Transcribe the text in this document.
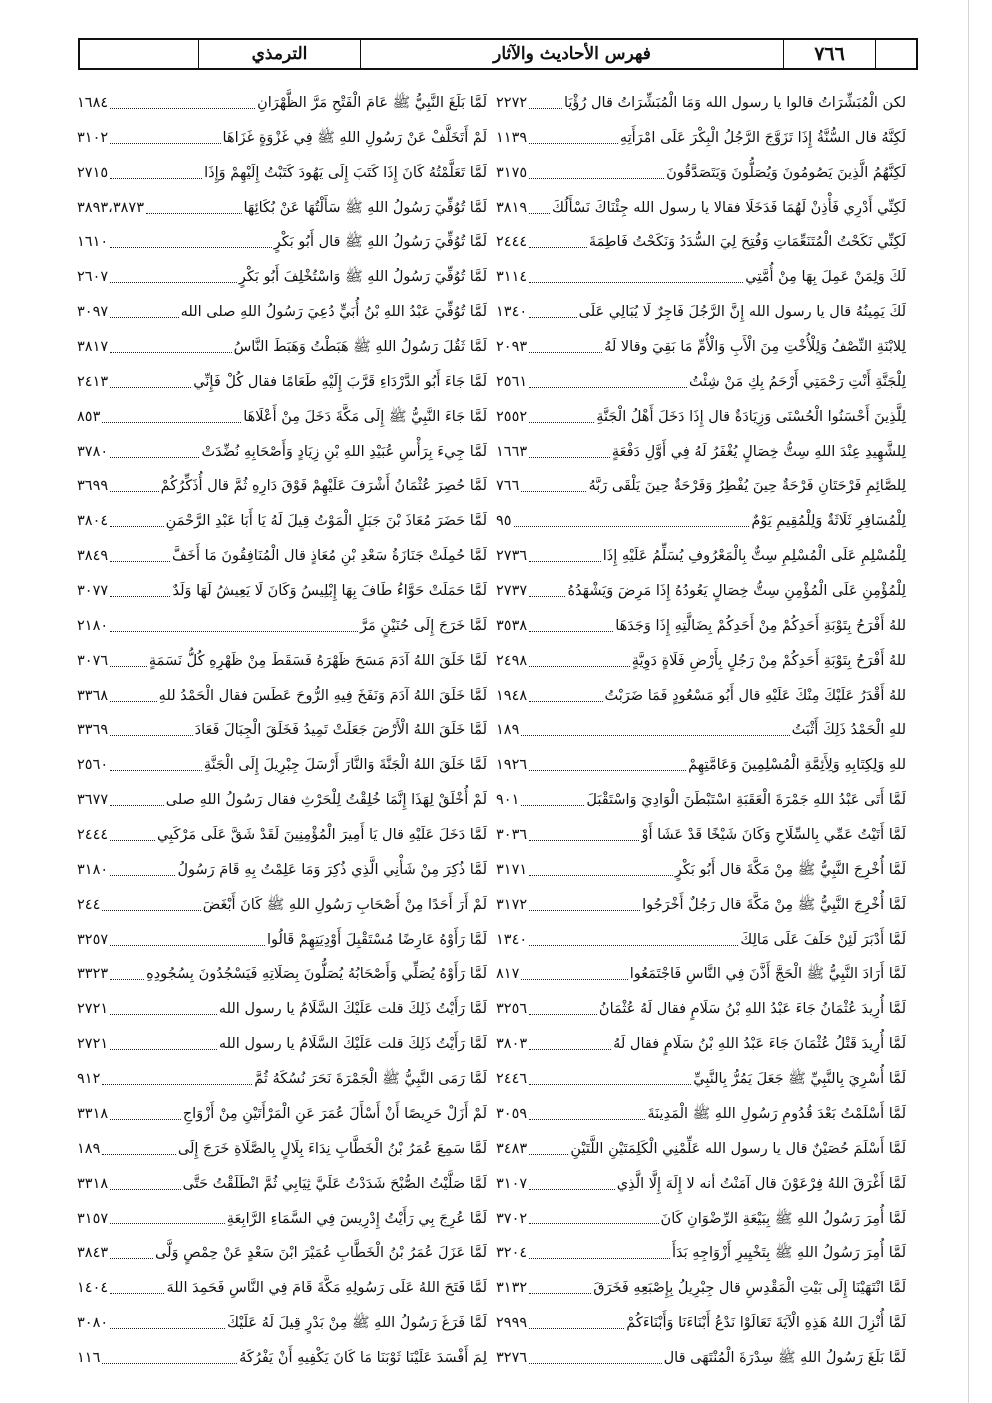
الترمذي	فهرس الأحاديث والآثار	٧٦٦
لكن الْمُبَشِّرَاتُ قالوا يا رسول الله وَمَا الْمُبَشِّرَاتُ قال رُؤْيَا
٢٢٧٢
لَكِنَّهُ قال السُّنَّةُ إِذَا تَزَوَّجَ الرَّجُلُ الْبِكْرَ عَلَى امْرَأَتِهِ
١١٣٩
لَكِنَّهُمُ الَّذِينَ يَصُومُونَ وَيُصَلُّونَ وَيَتَصَدَّقُونَ
٣١٧٥
لَكِنِّي أَدْرِي فَأْذِنْ لَهُمَا فَدَخَلَا فقالا يا رسول الله جِئْنَاكَ نَسْأَلُكَ
٣٨١٩
لَكِنِّي نَكَحْتُ الْمُتَنَعِّمَاتِ وَفُتِحَ لِيَ السُّدَدُ وَنَكَحْتُ فَاطِمَةَ
٢٤٤٤
لَكَ وَلِمَنْ عَمِلَ بِهَا مِنْ أُمَّتِي
٣١١٤
لَكَ يَمِينُهُ قال يا رسول الله إِنَّ الرَّجُلَ فَاجِرٌ لَا يُبَالِي عَلَى
١٣٤٠
لِلابْنَةِ النِّصْفُ وَلِلْأُخْتِ مِنَ الْأَبِ وَالْأُمِّ مَا بَقِيَ وقالا لَهُ
٢٠٩٣
لِلْجَنَّةِ أَنْتِ رَحْمَتِي أَرْحَمُ بِكِ مَنْ شِئْتُ
٢٥٦١
لِلَّذِينَ أَحْسَنُوا الْحُسْنَى وَزِيَادَةٌ قال إِذَا دَخَلَ أَهْلُ الْجَنَّةِ
٢٥٥٢
لِلشَّهِيدِ عِنْدَ اللهِ سِتُّ خِصَالٍ يُغْفَرُ لَهُ فِي أَوَّلِ دَفْعَةٍ
١٦٦٣
لِلصَّائِمِ فَرْحَتَانِ فَرْحَةٌ حِينَ يُفْطِرُ وَفَرْحَةٌ حِينَ يَلْقَى رَبَّهُ
٧٦٦
لِلْمُسَافِرِ ثَلَاثَةٌ وَلِلْمُقِيمِ يَوْمٌ
٩٥
لِلْمُسْلِمِ عَلَى الْمُسْلِمِ سِتٌّ بِالْمَعْرُوفِ يُسَلِّمُ عَلَيْهِ إِذَا
٢٧٣٦
لِلْمُؤْمِنِ عَلَى الْمُؤْمِنِ سِتُّ خِصَالٍ يَعُودُهُ إِذَا مَرِضَ وَيَشْهَدُهُ
٢٧٣٧
للهُ أَفْرَحُ بِتَوْبَةِ أَحَدِكُمْ مِنْ أَحَدِكُمْ بِضَالَّتِهِ إِذَا وَجَدَهَا
٣٥٣٨
للهُ أَفْرَحُ بِتَوْبَةِ أَحَدِكُمْ مِنْ رَجُلٍ بِأَرْضِ فَلَاةٍ دَوِيَّةٍ
٢٤٩٨
للهُ أَقْدَرُ عَلَيْكَ مِنْكَ عَلَيْهِ قال أَبُو مَسْعُودٍ فَمَا ضَرَبْتُ
١٩٤٨
للهِ الْحَمْدُ ذَلِكَ أَثْبَتُ
١٨٩
للهِ وَلِكِتَابِهِ وَلِأَئِمَّةِ الْمُسْلِمِينَ وَعَامَّتِهِمْ
١٩٢٦
لَمَّا أَتَى عَبْدُ اللهِ جَمْرَةَ الْعَقَبَةِ اسْتَبْطَنَ الْوَادِيَ وَاسْتَقْبَلَ
٩٠١
لَمَّا أَتَيْتُ عَمِّي بِالسِّلَاحِ وَكَانَ شَيْخًا قَدْ عَشَا أَوْ
٣٠٣٦
لَمَّا أُخْرِجَ النَّبِيُّ ﷺ مِنْ مَكَّةَ قال أَبُو بَكْرٍ
٣١٧١
لَمَّا أُخْرِجَ النَّبِيُّ ﷺ مِنْ مَكَّةَ قال رَجُلٌ أَخْرَجُوا
٣١٧٢
لَمَّا أَدْبَرَ لَئِنْ حَلَفَ عَلَى مَالِكَ
١٣٤٠
لَمَّا أَرَادَ النَّبِيُّ ﷺ الْحَجَّ أَذَّنَ فِي النَّاسِ فَاجْتَمَعُوا
٨١٧
لَمَّا أُرِيدَ عُثْمَانُ جَاءَ عَبْدُ اللهِ بْنُ سَلَامٍ فقال لَهُ عُثْمَانُ
٣٢٥٦
لَمَّا أُرِيدَ قَتْلُ عُثْمَانَ جَاءَ عَبْدُ اللهِ بْنُ سَلَامٍ فقال لَهُ
٣٨٠٣
لَمَّا أُسْرِيَ بِالنَّبِيِّ ﷺ جَعَلَ يَمُرُّ بِالنَّبِيِّ
٢٤٤٦
لَمَّا أَسْلَمْتُ بَعْدَ قُدُومِ رَسُولِ اللهِ ﷺ الْمَدِينَةَ
٣٠٥٩
لَمَّا أَسْلَمَ حُصَيْنٌ قال يا رسول الله عَلِّمْنِي الْكَلِمَتَيْنِ اللَّتَيْنِ
٣٤٨٣
لَمَّا أَغْرَقَ اللهُ فِرْعَوْنَ قال آمَنْتُ أنه لا إِلَهَ إِلَّا الَّذِي
٣١٠٧
لَمَّا أُمِرَ رَسُولُ اللهِ ﷺ بِبَيْعَةِ الرِّضْوَانِ كَانَ
٣٧٠٢
لَمَّا أُمِرَ رَسُولُ اللهِ ﷺ بِتَخْيِيرِ أَزْوَاجِهِ بَدَأَ
٣٢٠٤
لَمَّا انْتَهَيْنَا إِلَى بَيْتِ الْمَقْدِسِ قال جِبْرِيلُ بِإِصْبَعِهِ فَخَرَقَ
٣١٣٢
لَمَّا أُنْزِلَ اللهُ هَذِهِ الْآيَةَ تَعَالَوْا نَدْعُ أَبْنَاءَنَا وَأَبْنَاءَكُمْ
٢٩٩٩
لَمَّا بَلَغَ رَسُولُ اللهِ ﷺ سِدْرَةَ الْمُنْتَهَى قال
٣٢٧٦
لَمَّا بَلَغَ النَّبِيُّ ﷺ عَامَ الْفَتْحِ مَرَّ الظَّهْرَانِ
١٦٨٤
لَمْ أَتَخَلَّفْ عَنْ رَسُولِ اللهِ ﷺ فِي غَزْوَةٍ غَزَاهَا
٣١٠٢
لَمَّا تَعَلَّمْتُهُ كَانَ إِذَا كَتَبَ إِلَى يَهُودَ كَتَبْتُ إِلَيْهِمْ وَإِذَا
٢٧١٥
لَمَّا تُوُفِّيَ رَسُولُ اللهِ ﷺ سَأَلْتُهَا عَنْ بُكَائِهَا
٣٨٩٣،٣٨٧٣
لَمَّا تُوُفِّيَ رَسُولُ اللهِ ﷺ قال أَبُو بَكْرٍ
١٦١٠
لَمَّا تُوُفِّيَ رَسُولُ اللهِ ﷺ وَاسْتُخْلِفَ أَبُو بَكْرٍ
٢٦٠٧
لَمَّا تُوُفِّيَ عَبْدُ اللهِ بْنُ أُبَيٍّ دُعِيَ رَسُولُ اللهِ صلى الله
٣٠٩٧
لَمَّا ثَقُلَ رَسُولُ اللهِ ﷺ هَبَطْتُ وَهَبَطَ النَّاسُ
٣٨١٧
لَمَّا جَاءَ أَبُو الدَّرْدَاءِ قَرَّبَ إِلَيْهِ طَعَامًا فقال كُلْ فَإِنِّي
٢٤١٣
لَمَّا جَاءَ النَّبِيُّ ﷺ إِلَى مَكَّةَ دَخَلَ مِنْ أَعْلَاهَا
٨٥٣
لَمَّا جِيءَ بِرَأْسِ عُبَيْدِ اللهِ بْنِ زِيَادٍ وَأَصْحَابِهِ نُضِّدَتْ
٣٧٨٠
لَمَّا حُصِرَ عُثْمَانُ أَشْرَفَ عَلَيْهِمْ فَوْقَ دَارِهِ ثُمَّ قال أُذَكِّرُكُمْ
٣٦٩٩
لَمَّا حَضَرَ مُعَاذَ بْنَ جَبَلٍ الْمَوْتُ قِيلَ لَهُ يَا أَبَا عَبْدِ الرَّحْمَنِ
٣٨٠٤
لَمَّا حُمِلَتْ جَنَازَةُ سَعْدِ بْنِ مُعَاذٍ قال الْمُنَافِقُونَ مَا أَخَفَّ
٣٨٤٩
لَمَّا حَمَلَتْ حَوَّاءُ طَافَ بِهَا إِبْلِيسُ وَكَانَ لَا يَعِيشُ لَهَا وَلَدٌ
٣٠٧٧
لَمَّا خَرَجَ إِلَى حُنَيْنٍ مَرَّ
٢١٨٠
لَمَّا خَلَقَ اللهُ آدَمَ مَسَحَ ظَهْرَهُ فَسَقَطَ مِنْ ظَهْرِهِ كُلُّ نَسَمَةٍ
٣٠٧٦
لَمَّا خَلَقَ اللهُ آدَمَ وَنَفَخَ فِيهِ الرُّوحَ عَطَسَ فقال الْحَمْدُ للهِ
٣٣٦٨
لَمَّا خَلَقَ اللهُ الْأَرْضَ جَعَلَتْ تَمِيدُ فَخَلَقَ الْجِبَالَ فَعَادَ
٣٣٦٩
لَمَّا خَلَقَ اللهُ الْجَنَّةَ وَالنَّارَ أَرْسَلَ جِبْرِيلَ إِلَى الْجَنَّةِ
٢٥٦٠
لَمْ أُخْلَقْ لِهَذَا إِنَّمَا خُلِقْتُ لِلْحَرْثِ فقال رَسُولُ اللهِ صلى
٣٦٧٧
لَمَّا دَخَلَ عَلَيْهِ قال يَا أَمِيرَ الْمُؤْمِنِينَ لَقَدْ شَقَّ عَلَى مَرْكَبِي
٢٤٤٤
لَمَّا ذُكِرَ مِنْ شَأْنِي الَّذِي ذُكِرَ وَمَا عَلِمْتُ بِهِ قَامَ رَسُولُ
٣١٨٠
لَمْ أَرَ أَحَدًا مِنْ أَصْحَابِ رَسُولِ اللهِ ﷺ كَانَ أَبْغَضَ
٢٤٤
لَمَّا رَأَوْهُ عَارِضًا مُسْتَقْبِلَ أَوْدِيَتِهِمْ قَالُوا
٣٢٥٧
لَمَّا رَأَوْهُ يُصَلِّي وَأَصْحَابُهُ يُصَلُّونَ بِصَلَاتِهِ فَيَسْجُدُونَ بِسُجُودِهِ
٣٣٢٣
لَمَّا رَأَيْتُ ذَلِكَ قلت عَلَيْكَ السَّلَامُ يا رسول الله
٢٧٢١
لَمَّا رَأَيْتُ ذَلِكَ قلت عَلَيْكَ السَّلَامُ يا رسول الله
٢٧٢١
لَمَّا رَمَى النَّبِيُّ ﷺ الْجَمْرَةَ نَحَرَ نُسُكَهُ ثُمَّ
٩١٢
لَمْ أَزَلْ حَرِيصًا أَنْ أَسْأَلَ عُمَرَ عَنِ الْمَرْأَتَيْنِ مِنْ أَزْوَاجِ
٣٣١٨
لَمَّا سَمِعَ عُمَرُ بْنُ الْخَطَّابِ نِدَاءَ بِلَالٍ بِالصَّلَاةِ خَرَجَ إِلَى
١٨٩
لَمَّا صَلَّيْتُ الصُّبْحَ شَدَدْتُ عَلَيَّ ثِيَابِي ثُمَّ انْطَلَقْتُ حَتَّى
٣٣١٨
لَمَّا عُرِجَ بِي رَأَيْتُ إِدْرِيسَ فِي السَّمَاءِ الرَّابِعَةِ
٣١٥٧
لَمَّا عَزَلَ عُمَرُ بْنُ الْخَطَّابِ عُمَيْرَ ابْنَ سَعْدٍ عَنْ حِمْصٍ وَلَّى
٣٨٤٣
لَمَّا فَتَحَ اللهُ عَلَى رَسُولِهِ مَكَّةَ قَامَ فِي النَّاسِ فَحَمِدَ اللهَ
١٤٠٤
لَمَّا فَرَغَ رَسُولُ اللهِ ﷺ مِنْ بَدْرٍ قِيلَ لَهُ عَلَيْكَ
٣٠٨٠
لِمَ أَفْسَدَ عَلَيْنَا ثَوْبَنَا مَا كَانَ يَكْفِيهِ أَنْ يَفْرُكَهُ
١١٦
